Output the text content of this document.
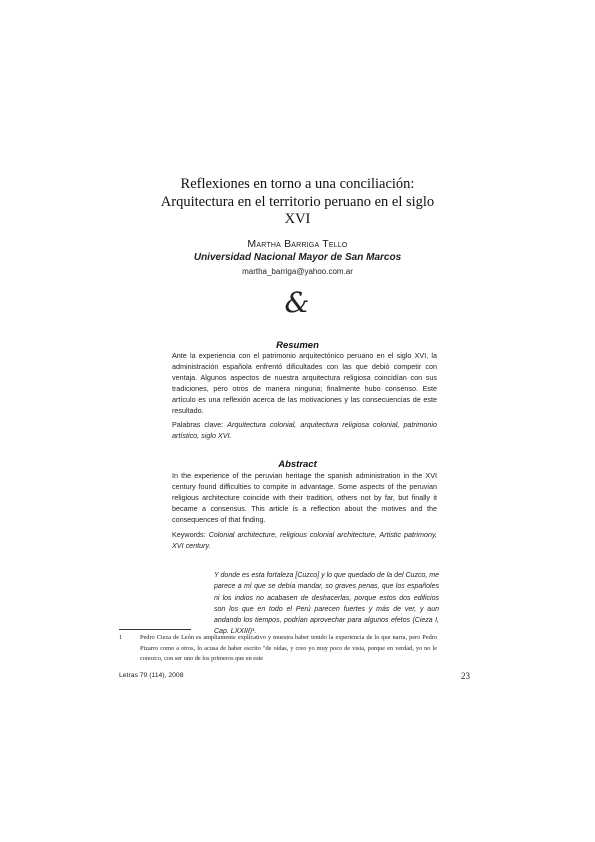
Reflexiones en torno a una conciliación:
Arquitectura en el territorio peruano en el siglo
XVI
Martha Barriga Tello
Universidad Nacional Mayor de San Marcos
martha_barriga@yahoo.com.ar
&
Resumen
Ante la experiencia con el patrimonio arquitectónico peruano en el siglo XVI, la administración española enfrentó dificultades con las que debió competir con ventaja. Algunos aspectos de nuestra arquitectura religiosa coincidían con sus tradiciones, pero otros de manera ninguna; finalmente hubo consenso. Este artículo es una reflexión acerca de las motivaciones y las consecuencias de este resultado.
Palabras clave: Arquitectura colonial, arquitectura religiosa colonial, patrimonio artístico, siglo XVI.
Abstract
In the experience of the peruvian heritage the spanish administration in the XVI century found difficulties to compite in advantage. Some aspects of the peruvian religious architecture coincide with their tradition, others not by far, but finally it became a consensus. This article is a reflection about the motives and the consequences of that finding.
Keywords: Colonial architecture, religious colonial architecture, Artistic patrimony, XVI century.
Y donde es esta fortaleza [Cuzco] y lo que quedado de la del Cuzco, me parece a mí que se debía mandar, so graves penas, que los españoles ni los indios no acabasen de deshacerlas, porque estos dos edificios son los que en todo el Perú parecen fuertes y más de ver, y aun andando los tiempos, podrían aprovechar para algunos efetos (Cieza I, Cap. LXXIII)¹.
1	Pedro Cieza de León es ampliamente explicativo y muestra haber tenido la experiencia de lo que narra, pero Pedro Pizarro como a otros, lo acusa de haber escrito "de oídas, y creo yo muy poco de vista, porque en verdad, yo no le conozco, con ser uno de los primeros que en este
Letras 79 (114), 2008	23
